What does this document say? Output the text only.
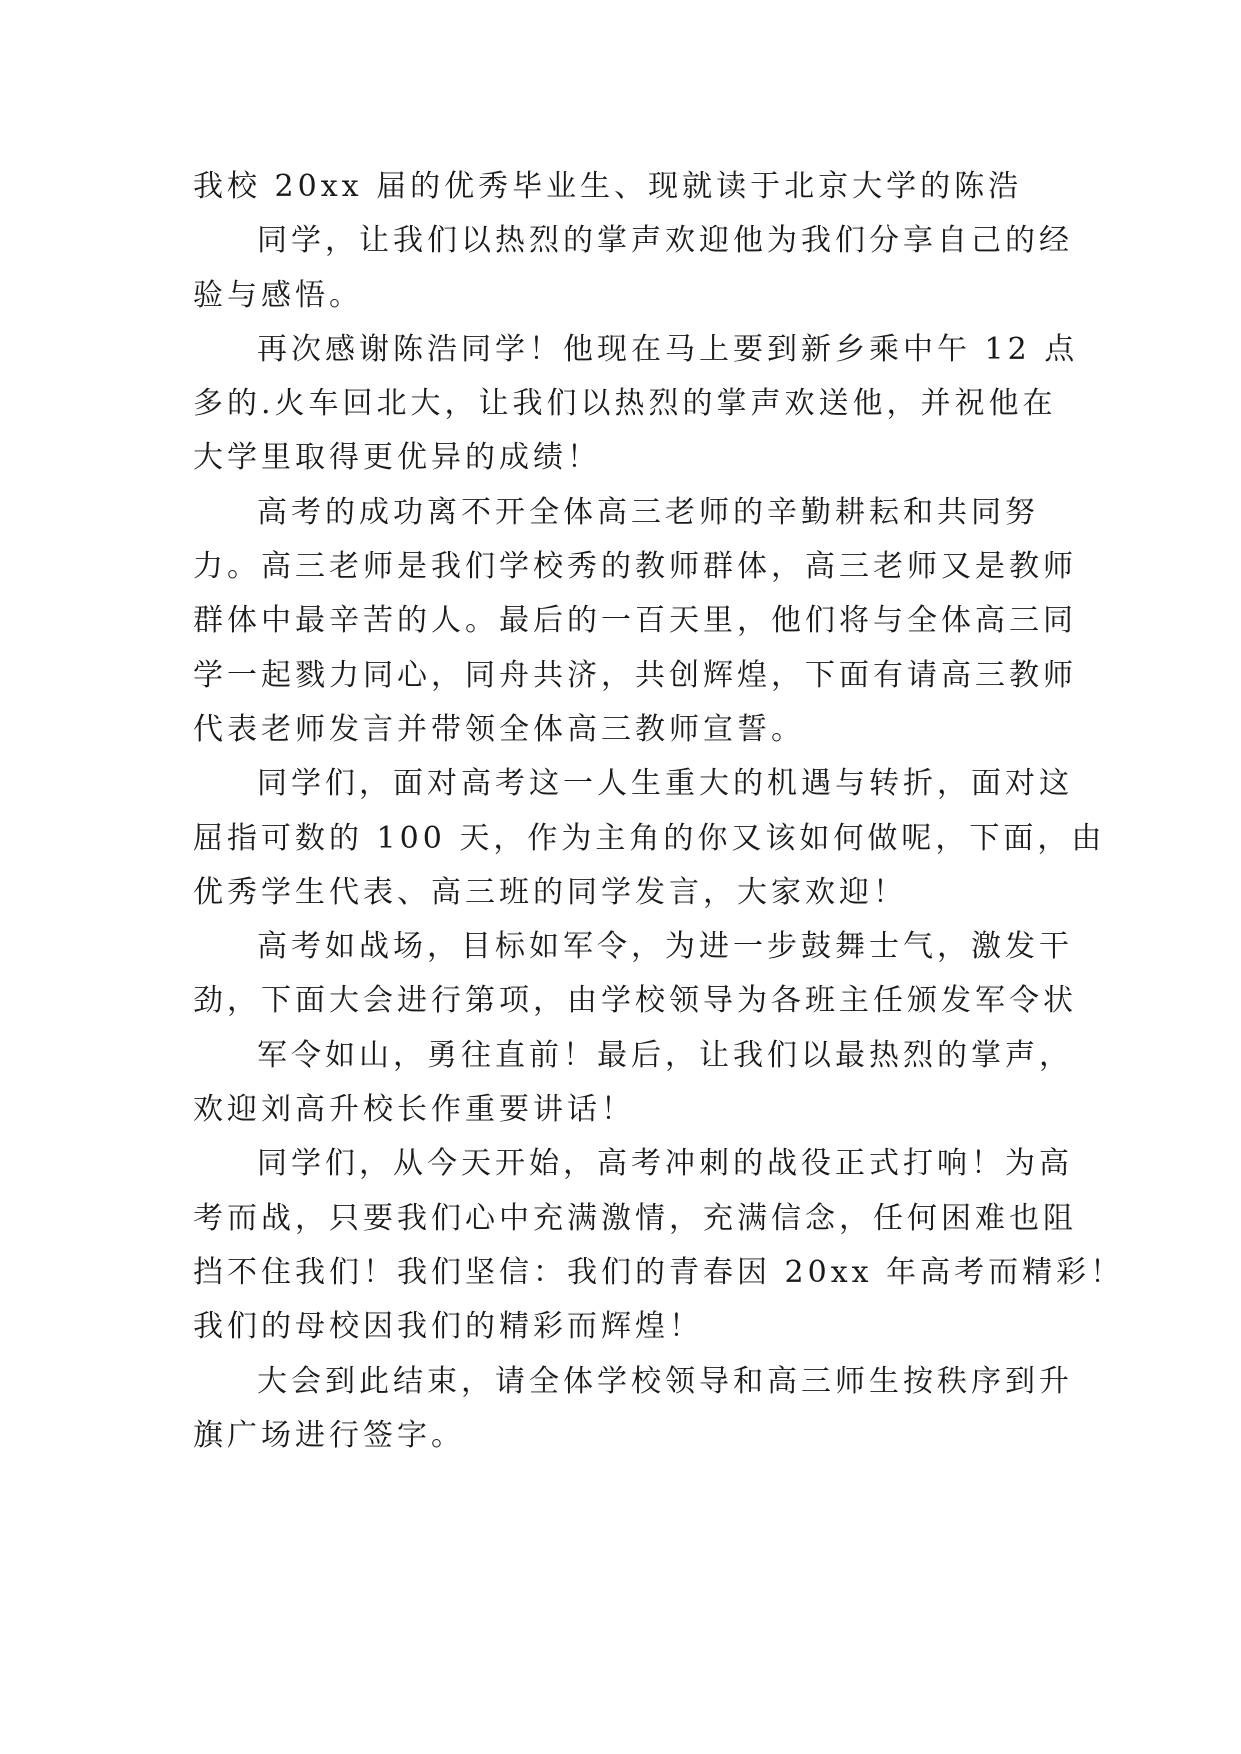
我校 20xx 届的优秀毕业生、现就读于北京大学的陈浩

同学，让我们以热烈的掌声欢迎他为我们分享自己的经
验与感悟。

再次感谢陈浩同学！他现在马上要到新乡乘中午 12 点
多的.火车回北大，让我们以热烈的掌声欢送他，并祝他在
大学里取得更优异的成绩！

高考的成功离不开全体高三老师的辛勤耕耘和共同努
力。高三老师是我们学校秀的教师群体，高三老师又是教师
群体中最辛苦的人。最后的一百天里，他们将与全体高三同
学一起戮力同心，同舟共济，共创辉煌，下面有请高三教师
代表老师发言并带领全体高三教师宣誓。

同学们，面对高考这一人生重大的机遇与转折，面对这
屈指可数的 100 天，作为主角的你又该如何做呢，下面，由
优秀学生代表、高三班的同学发言，大家欢迎！

高考如战场，目标如军令，为进一步鼓舞士气，激发干
劲，下面大会进行第项，由学校领导为各班主任颁发军令状

军令如山，勇往直前！最后，让我们以最热烈的掌声，
欢迎刘高升校长作重要讲话！

同学们，从今天开始，高考冲刺的战役正式打响！为高
考而战，只要我们心中充满激情，充满信念，任何困难也阻
挡不住我们！我们坚信：我们的青春因 20xx 年高考而精彩！
我们的母校因我们的精彩而辉煌！

大会到此结束，请全体学校领导和高三师生按秩序到升
旗广场进行签字。
